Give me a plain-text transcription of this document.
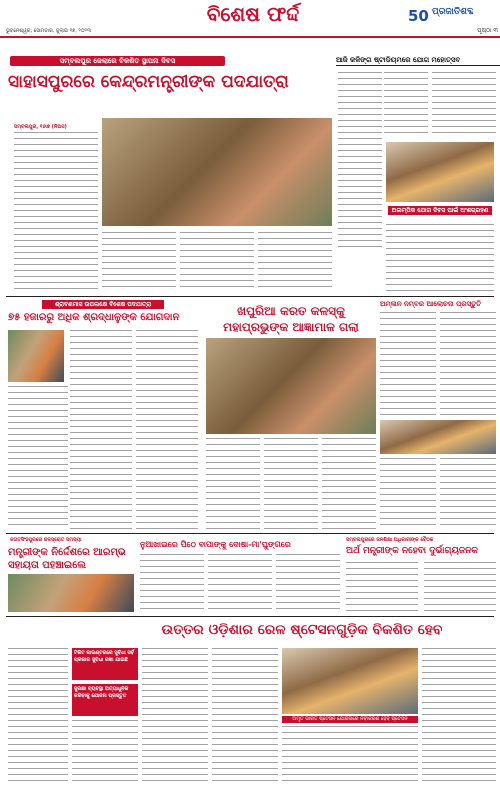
ବିଶେଷ ଫର୍ଦ୍ଦ	50 ପ୍ରଜାତିଶବ୍ଦ
ଭୁବନେଶ୍ୱର, ସୋମବାର, ଜୁଲାଇ ୧୭, ୨୦୨୩	ପୃଷ୍ଠା ୩
ସମ୍ବଲପୁର ଜେଲାରେ ବିକଶିତ ସ୍ଥାପନା ଦିବସ
ସାହାସପୁରରେ କେନ୍ଦ୍ରମନ୍ତ୍ରୀଙ୍କ ପଦଯାତ୍ରା
ସମ୍ବଲପୁର, ୧୬ା୭ (ନିଅସ)
ଆଜି କଳିଙ୍ଗ ଷ୍ଟାଡିୟମରେ ଯୋଗ ମହୋତ୍ସବ
ଅଲମ୍ପିକ ଯୋଗ ଦିବସ ପାଇଁ ଅଂଶଗ୍ରହଣ
ଶ୍ରାବଣମାସ ଉପଲକ୍ଷେ ବିଶେଷ ପଦଯାତ୍ରା
୭୫ ହଜାରରୁ ଅଧିକ ଶ୍ରଦ୍ଧାଳୁଙ୍କ ଯୋଗଦାନ	ଖପୁରିଆ କରତ କଳସ୍କୁ
ମହାପ୍ରଭୁଙ୍କ ଆଜ୍ଞାମାଳ ଗଲା
ଅମ୍ଳାନ ନମ୍ବର ଆଲୋଚନା ପ୍ରସ୍ତୁତି
ଜଗତସିଂହପୁରରେ ଜଳସ୍ରୋତ ସମସ୍ୟା
ମନ୍ତ୍ରୀଙ୍କ ନିର୍ଦ୍ଦେଶରେ ଆରମ୍ଭ ସହାୟତା ପହଞ୍ଚାଇଲେ
ନୁଆଖାଇରେ ପିଠେ ବାପାଙ୍କୁ ଦୋଷା-ମା'ଘୁଙ୍ଗରେ	ସମ୍ବଲପୁରରେ ଜନଶିକ୍ଷା ଅଧିକାରୀଙ୍କ ବୈଠକ
ଅର୍ଥ ମନ୍ତ୍ରୀଙ୍କ ନହେବା ଦୁର୍ଭାଗ୍ୟଜନକ
ଉତ୍ତର ଓଡ଼ିଶାର ରେଳ ଷ୍ଟେସନଗୁଡ଼ିକ ବିକଶିତ ହେବ
ଟିକିଟ କାଉଣ୍ଟରରେ ସୁବିଧା ସର୍ବ ପ୍ରକାର ସୁବିଧା ରଖା ଯାଇଛି
ସୁରକ୍ଷା ବ୍ୟବସ୍ଥା ଅତ୍ୟାଧୁନିକ କରିବାକୁ ଯୋଜନା ପ୍ରସ୍ତୁତ
ଅମୃତ ଭାରତ ଷ୍ଟେସନ ଯୋଜନାରେ ନବୀକରଣ ହେବ ଷ୍ଟେସନ
